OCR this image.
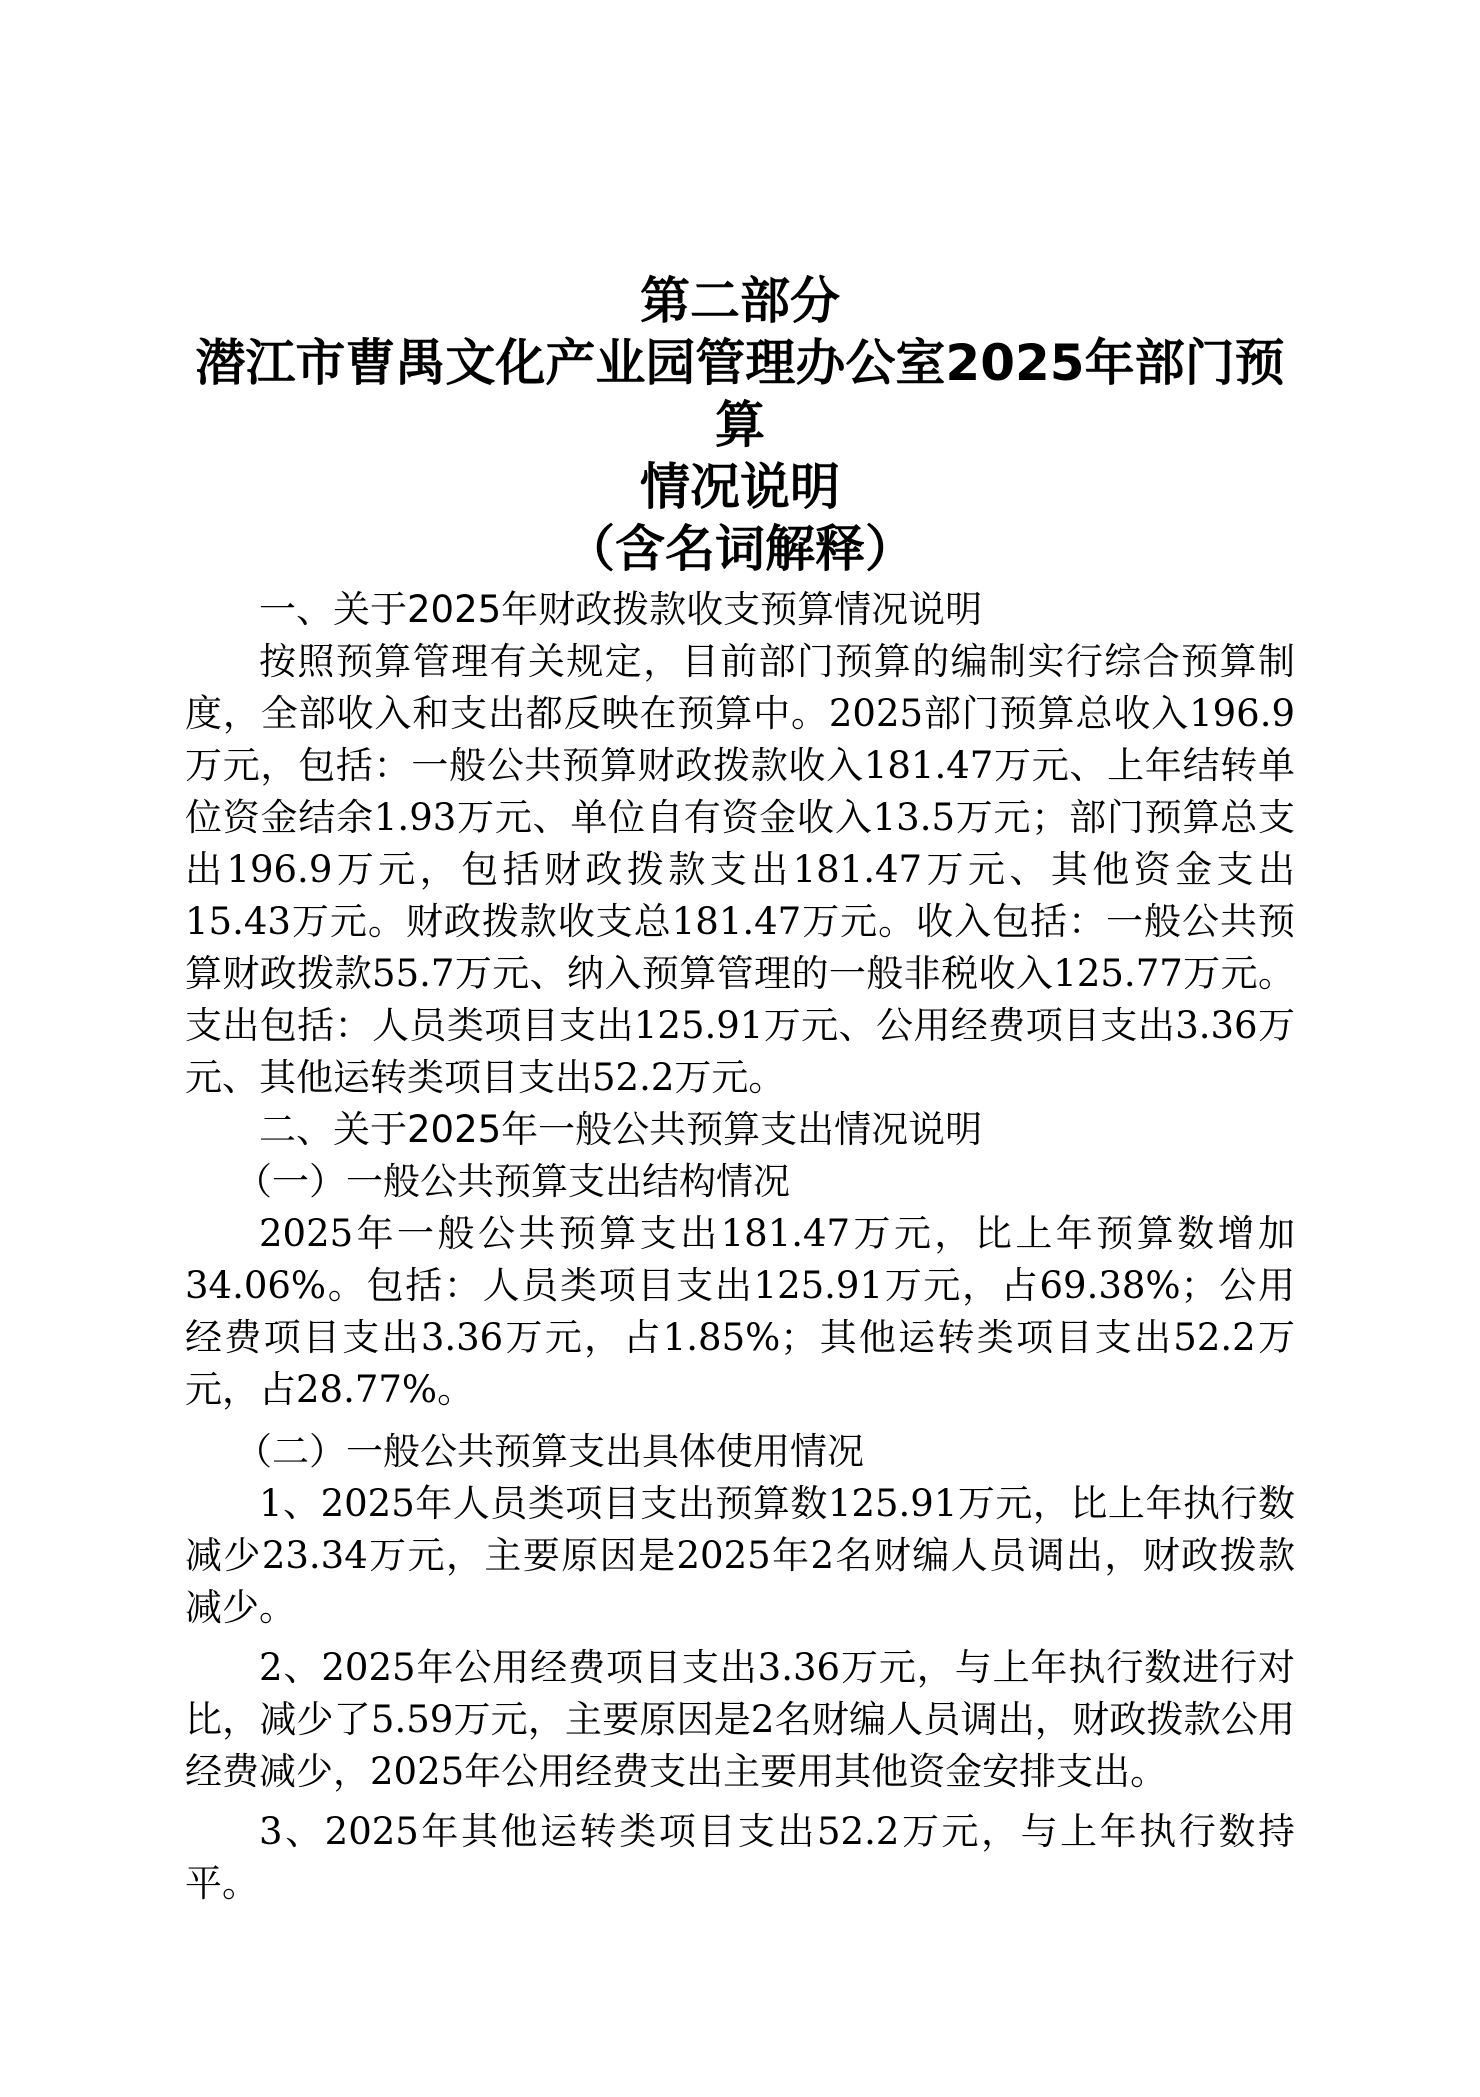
第二部分
潜江市曹禺文化产业园管理办公室2025年部门预算
情况说明
（含名词解释）

一、关于2025年财政拨款收支预算情况说明

按照预算管理有关规定，目前部门预算的编制实行综合预算制度，全部收入和支出都反映在预算中。2025部门预算总收入196.9万元，包括：一般公共预算财政拨款收入181.47万元、上年结转单位资金结余1.93万元、单位自有资金收入13.5万元；部门预算总支出196.9万元，包括财政拨款支出181.47万元、其他资金支出15.43万元。财政拨款收支总181.47万元。收入包括：一般公共预算财政拨款55.7万元、纳入预算管理的一般非税收入125.77万元。支出包括：人员类项目支出125.91万元、公用经费项目支出3.36万元、其他运转类项目支出52.2万元。

二、关于2025年一般公共预算支出情况说明

（一）一般公共预算支出结构情况

2025年一般公共预算支出181.47万元，比上年预算数增加34.06%。包括：人员类项目支出125.91万元，占69.38%；公用经费项目支出3.36万元，占1.85%；其他运转类项目支出52.2万元，占28.77%。

（二）一般公共预算支出具体使用情况

1、2025年人员类项目支出预算数125.91万元，比上年执行数减少23.34万元，主要原因是2025年2名财编人员调出，财政拨款减少。

2、2025年公用经费项目支出3.36万元，与上年执行数进行对比，减少了5.59万元，主要原因是2名财编人员调出，财政拨款公用经费减少，2025年公用经费支出主要用其他资金安排支出。

3、2025年其他运转类项目支出52.2万元，与上年执行数持平。
